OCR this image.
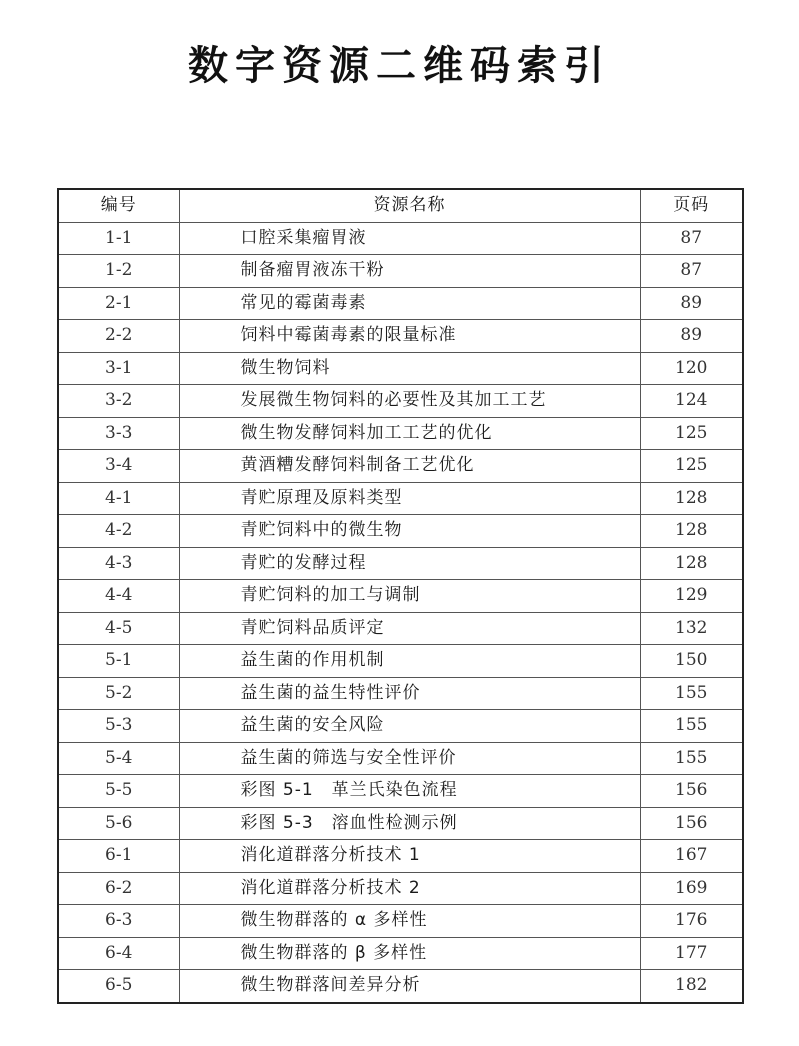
数字资源二维码索引
编号	资源名称	页码
1-1	口腔采集瘤胃液	87
1-2	制备瘤胃液冻干粉	87
2-1	常见的霉菌毒素	89
2-2	饲料中霉菌毒素的限量标准	89
3-1	微生物饲料	120
3-2	发展微生物饲料的必要性及其加工工艺	124
3-3	微生物发酵饲料加工工艺的优化	125
3-4	黄酒糟发酵饲料制备工艺优化	125
4-1	青贮原理及原料类型	128
4-2	青贮饲料中的微生物	128
4-3	青贮的发酵过程	128
4-4	青贮饲料的加工与调制	129
4-5	青贮饲料品质评定	132
5-1	益生菌的作用机制	150
5-2	益生菌的益生特性评价	155
5-3	益生菌的安全风险	155
5-4	益生菌的筛选与安全性评价	155
5-5	彩图 5-1　革兰氏染色流程	156
5-6	彩图 5-3　溶血性检测示例	156
6-1	消化道群落分析技术 1	167
6-2	消化道群落分析技术 2	169
6-3	微生物群落的 α 多样性	176
6-4	微生物群落的 β 多样性	177
6-5	微生物群落间差异分析	182
